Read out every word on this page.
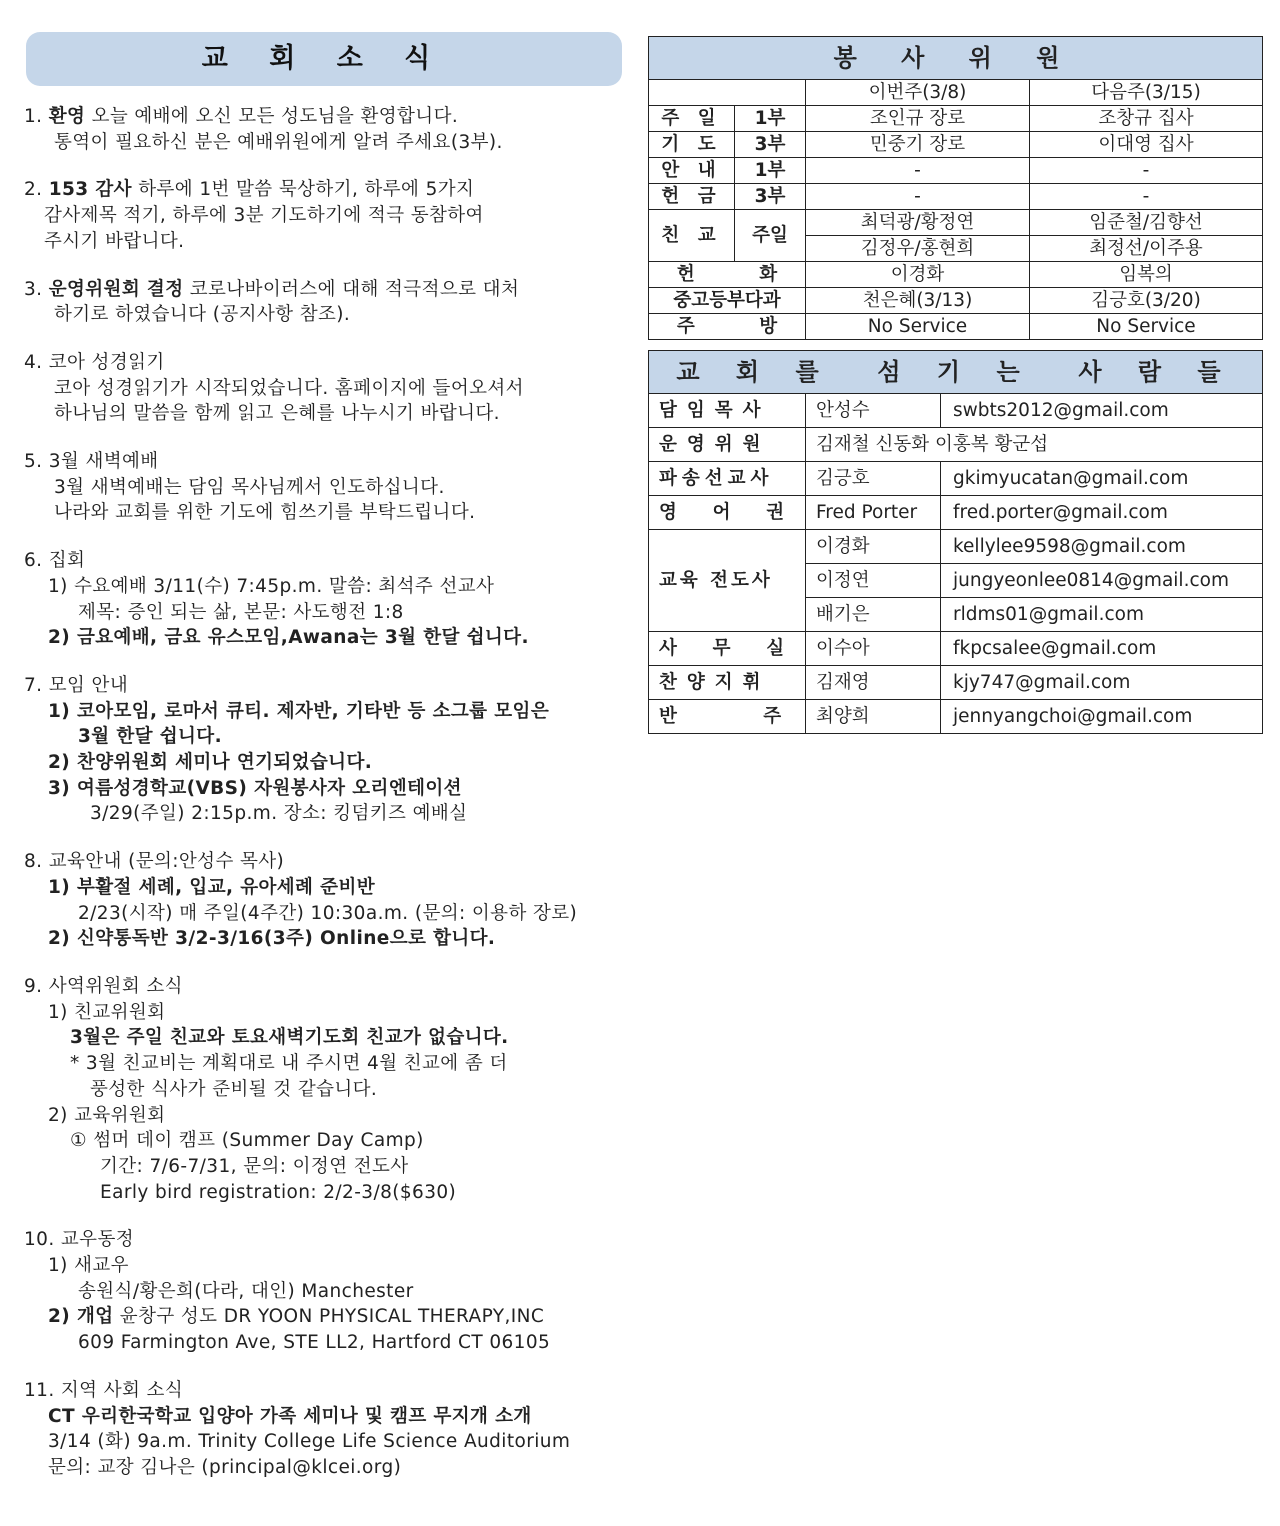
교 회 소 식
1. 환영 오늘 예배에 오신 모든 성도님을 환영합니다.
통역이 필요하신 분은 예배위원에게 알려 주세요(3부).
2. 153 감사 하루에 1번 말씀 묵상하기, 하루에 5가지
감사제목 적기, 하루에 3분 기도하기에 적극 동참하여
주시기 바랍니다.
3. 운영위원회 결정 코로나바이러스에 대해 적극적으로 대처
하기로 하였습니다 (공지사항 참조).
4. 코아 성경읽기
코아 성경읽기가 시작되었습니다. 홈페이지에 들어오셔서
하나님의 말씀을 함께 읽고 은혜를 나누시기 바랍니다.
5. 3월 새벽예배
3월 새벽예배는 담임 목사님께서 인도하십니다.
나라와 교회를 위한 기도에 힘쓰기를 부탁드립니다.
6. 집회
1) 수요예배 3/11(수) 7:45p.m. 말씀: 최석주 선교사
제목: 증인 되는 삶, 본문: 사도행전 1:8
2) 금요예배, 금요 유스모임,Awana는 3월 한달 쉽니다.
7. 모임 안내
1) 코아모임, 로마서 큐티. 제자반, 기타반 등 소그룹 모임은
3월 한달 쉽니다.
2) 찬양위원회 세미나 연기되었습니다.
3) 여름성경학교(VBS) 자원봉사자 오리엔테이션
3/29(주일) 2:15p.m. 장소: 킹덤키즈 예배실
8. 교육안내 (문의:안성수 목사)
1) 부활절 세례, 입교, 유아세례 준비반
2/23(시작) 매 주일(4주간) 10:30a.m. (문의: 이용하 장로)
2) 신약통독반 3/2-3/16(3주) Online으로 합니다.
9. 사역위원회 소식
1) 친교위원회
3월은 주일 친교와 토요새벽기도회 친교가 없습니다.
* 3월 친교비는 계획대로 내 주시면 4월 친교에 좀 더
풍성한 식사가 준비될 것 같습니다.
2) 교육위원회
① 썸머 데이 캠프 (Summer Day Camp)
기간: 7/6-7/31, 문의: 이정연 전도사
Early bird registration: 2/2-3/8($630)
10. 교우동정
1) 새교우
송원식/황은희(다라, 대인) Manchester
2) 개업 윤창구 성도 DR YOON PHYSICAL THERAPY,INC
609 Farmington Ave, STE LL2, Hartford CT 06105
11. 지역 사회 소식
CT 우리한국학교 입양아 가족 세미나 및 캠프 무지개 소개
3/14 (화) 9a.m. Trinity College Life Science Auditorium
문의: 교장 김나은 (principal@klcei.org)
봉 사 위 원			
		이번주(3/8)	다음주(3/15)
주 일	1부	조인규 장로	조창규 집사
기 도	3부	민중기 장로	이대영 집사
안 내	1부	-	-
헌 금	3부	-	-
친 교	주일	최덕광/황정연	임준철/김향선
		김정우/홍현희	최정선/이주용
헌          화		이경화	임복의
중고등부다과		천은혜(3/13)	김긍호(3/20)
주          방		No Service	No Service
교 회 를  섬 기 는  사 람 들		
담임목사	안성수	swbts2012@gmail.com
운영위원	김재철 신동화 이홍복 황군섭	
파송선교사	김긍호	gkimyucatan@gmail.com
영    어    권	Fred Porter	fred.porter@gmail.com
교육 전도사	이경화	kellylee9598@gmail.com
	이정연	jungyeonlee0814@gmail.com
	배기은	rldms01@gmail.com
사    무    실	이수아	fkpcsalee@gmail.com
찬양지휘	김재영	kjy747@gmail.com
반          주	최양희	jennyangchoi@gmail.com
